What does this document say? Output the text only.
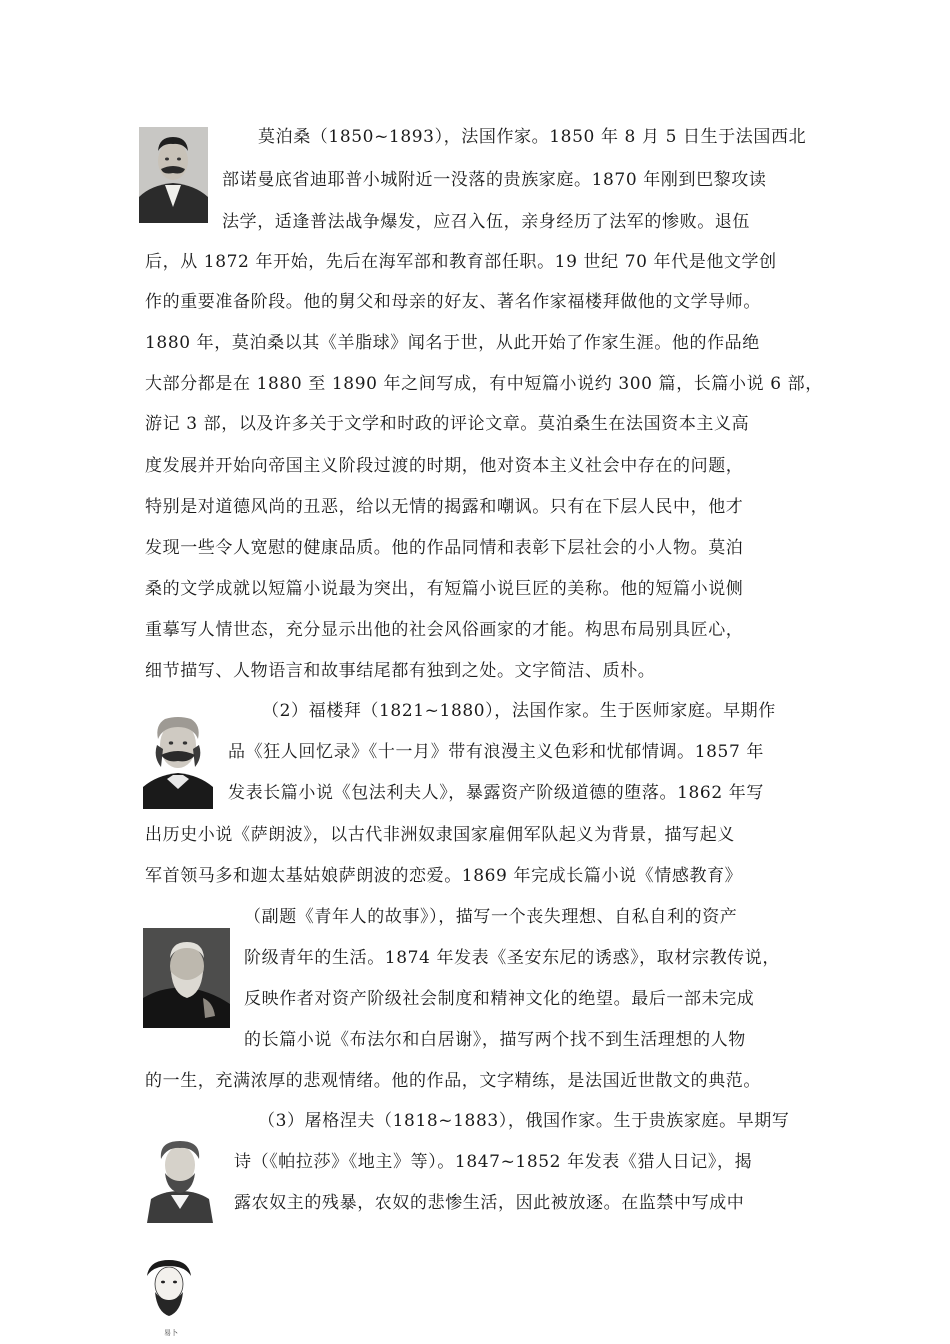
易卜
莫泊桑（1850~1893），法国作家。1850 年 8 月 5 日生于法国西北
部诺曼底省迪耶普小城附近一没落的贵族家庭。1870 年刚到巴黎攻读
法学，适逢普法战争爆发，应召入伍，亲身经历了法军的惨败。退伍
后，从 1872 年开始，先后在海军部和教育部任职。19 世纪 70 年代是他文学创
作的重要准备阶段。他的舅父和母亲的好友、著名作家福楼拜做他的文学导师。
1880 年，莫泊桑以其《羊脂球》闻名于世，从此开始了作家生涯。他的作品绝
大部分都是在 1880 至 1890 年之间写成，有中短篇小说约 300 篇，长篇小说 6 部，
游记 3 部，以及许多关于文学和时政的评论文章。莫泊桑生在法国资本主义高
度发展并开始向帝国主义阶段过渡的时期，他对资本主义社会中存在的问题，
特别是对道德风尚的丑恶，给以无情的揭露和嘲讽。只有在下层人民中，他才
发现一些令人宽慰的健康品质。他的作品同情和表彰下层社会的小人物。莫泊
桑的文学成就以短篇小说最为突出，有短篇小说巨匠的美称。他的短篇小说侧
重摹写人情世态，充分显示出他的社会风俗画家的才能。构思布局别具匠心，
细节描写、人物语言和故事结尾都有独到之处。文字简洁、质朴。
（2）福楼拜（1821~1880），法国作家。生于医师家庭。早期作
品《狂人回忆录》《十一月》带有浪漫主义色彩和忧郁情调。1857 年
发表长篇小说《包法利夫人》，暴露资产阶级道德的堕落。1862 年写
出历史小说《萨朗波》，以古代非洲奴隶国家雇佣军队起义为背景，描写起义
军首领马多和迦太基姑娘萨朗波的恋爱。1869 年完成长篇小说《情感教育》
（副题《青年人的故事》），描写一个丧失理想、自私自利的资产
阶级青年的生活。1874 年发表《圣安东尼的诱惑》，取材宗教传说，
反映作者对资产阶级社会制度和精神文化的绝望。最后一部未完成
的长篇小说《布法尔和白居谢》，描写两个找不到生活理想的人物
的一生，充满浓厚的悲观情绪。他的作品，文字精练，是法国近世散文的典范。
（3）屠格涅夫（1818~1883），俄国作家。生于贵族家庭。早期写
诗（《帕拉莎》《地主》等）。1847~1852 年发表《猎人日记》，揭
露农奴主的残暴，农奴的悲惨生活，因此被放逐。在监禁中写成中
